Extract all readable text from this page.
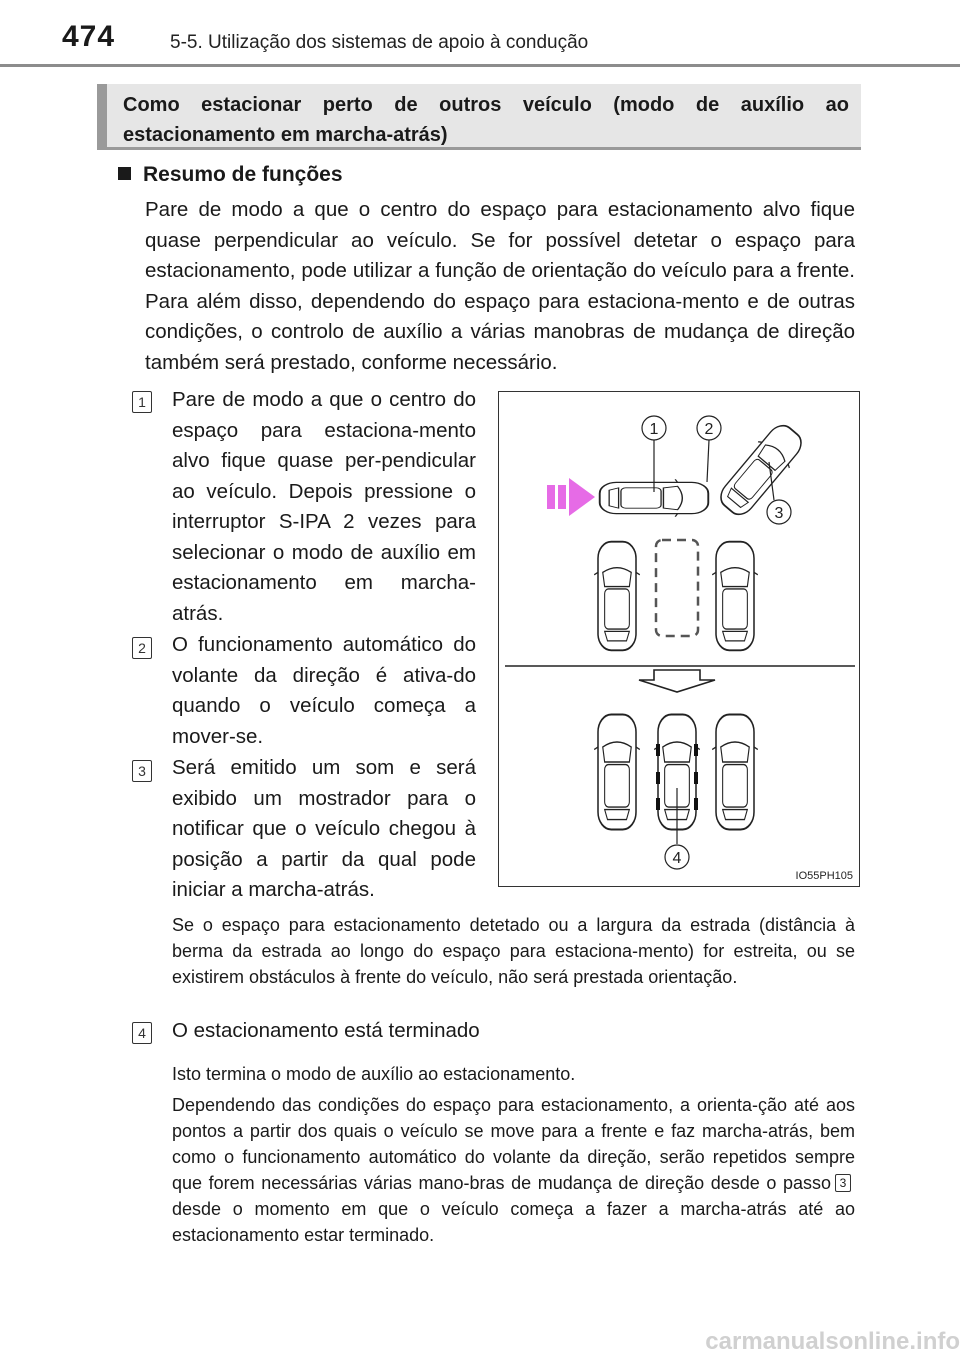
474	5-5. Utilização dos sistemas de apoio à condução
Como estacionar perto de outros veículo (modo de auxílio ao estacionamento em marcha-atrás)
Resumo de funções
Pare de modo a que o centro do espaço para estacionamento alvo fique quase perpendicular ao veículo. Se for possível detetar o espaço para estacionamento, pode utilizar a função de orientação do veículo para a frente. Para além disso, dependendo do espaço para estaciona-mento e de outras condições, o controlo de auxílio a várias manobras de mudança de direção também será prestado, conforme necessário.
1 Pare de modo a que o centro do espaço para estaciona-mento alvo fique quase per-pendicular ao veículo. Depois pressione o interruptor S-IPA 2 vezes para selecionar o modo de auxílio em estacionamento em marcha-atrás.
2 O funcionamento automático do volante da direção é ativa-do quando o veículo começa a mover-se.
3 Será emitido um som e será exibido um mostrador para o notificar que o veículo chegou à posição a partir da qual pode iniciar a marcha-atrás.
Se o espaço para estacionamento detetado ou a largura da estrada (distância à berma da estrada ao longo do espaço para estaciona-mento) for estreita, ou se existirem obstáculos à frente do veículo, não será prestada orientação.
4 O estacionamento está terminado
Isto termina o modo de auxílio ao estacionamento.
Dependendo das condições do espaço para estacionamento, a orienta-ção até aos pontos a partir dos quais o veículo se move para a frente e faz marcha-atrás, bem como o funcionamento automático do volante da direção, serão repetidos sempre que forem necessárias várias mano-bras de mudança de direção desde o passo 3desde o momento em que o veículo começa a fazer a marcha-atrás até ao estacionamento estar terminado.
1	2
3
4
IO55PH105
carmanualsonline.info
